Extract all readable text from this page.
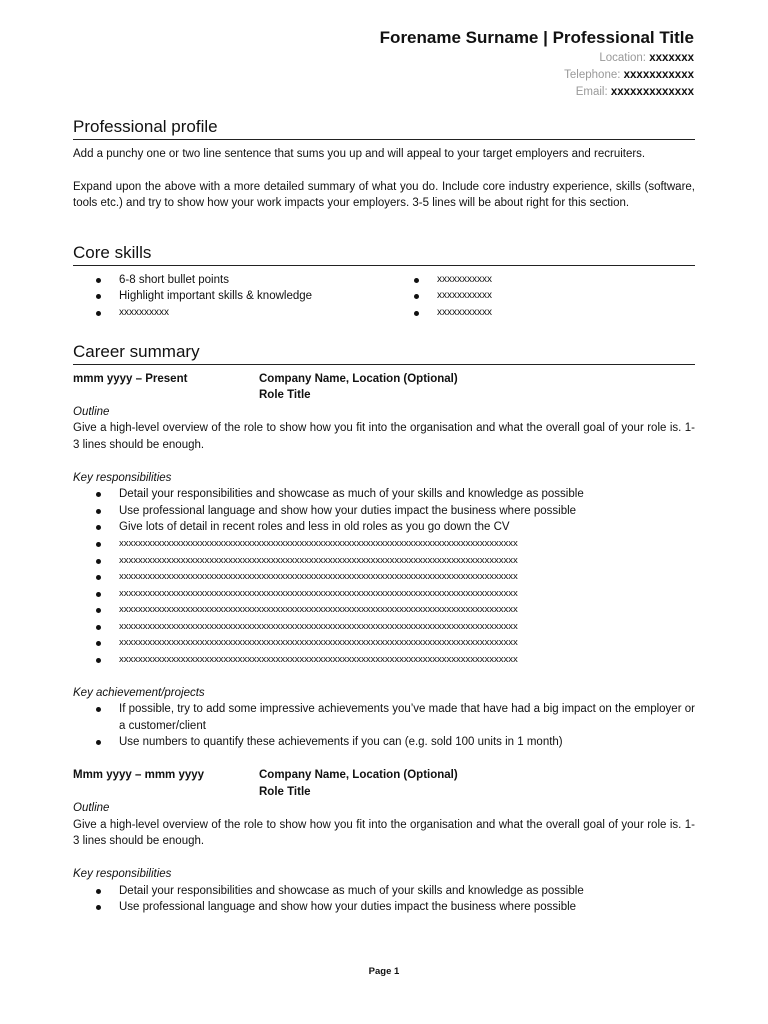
Forename Surname | Professional Title
Location: xxxxxxx
Telephone: xxxxxxxxxxx
Email: xxxxxxxxxxxxx
Professional profile

Add a punchy one or two line sentence that sums you up and will appeal to your target employers and recruiters.

Expand upon the above with a more detailed summary of what you do. Include core industry experience, skills (software, tools etc.) and try to show how your work impacts your employers. 3-5 lines will be about right for this section.

Core skills
6-8 short bullet points
Highlight important skills & knowledge
xxxxxxxxxx
xxxxxxxxxxx
xxxxxxxxxxx
xxxxxxxxxxx
Career summary
mmm yyyy – Present	Company Name, Location (Optional)
Role Title
Outline

Give a high-level overview of the role to show how you fit into the organisation and what the overall goal of your role is. 1-3 lines should be enough.

Key responsibilities
Detail your responsibilities and showcase as much of your skills and knowledge as possible
Use professional language and show how your duties impact the business where possible
Give lots of detail in recent roles and less in old roles as you go down the CV
xxxxxxxxxxxxxxxxxxxxxxxxxxxxxxxxxxxxxxxxxxxxxxxxxxxxxxxxxxxxxxxxxxxxxxxxxxxxxxxxxxxx
xxxxxxxxxxxxxxxxxxxxxxxxxxxxxxxxxxxxxxxxxxxxxxxxxxxxxxxxxxxxxxxxxxxxxxxxxxxxxxxxxxxx
xxxxxxxxxxxxxxxxxxxxxxxxxxxxxxxxxxxxxxxxxxxxxxxxxxxxxxxxxxxxxxxxxxxxxxxxxxxxxxxxxxxx
xxxxxxxxxxxxxxxxxxxxxxxxxxxxxxxxxxxxxxxxxxxxxxxxxxxxxxxxxxxxxxxxxxxxxxxxxxxxxxxxxxxx
xxxxxxxxxxxxxxxxxxxxxxxxxxxxxxxxxxxxxxxxxxxxxxxxxxxxxxxxxxxxxxxxxxxxxxxxxxxxxxxxxxxx
xxxxxxxxxxxxxxxxxxxxxxxxxxxxxxxxxxxxxxxxxxxxxxxxxxxxxxxxxxxxxxxxxxxxxxxxxxxxxxxxxxxx
xxxxxxxxxxxxxxxxxxxxxxxxxxxxxxxxxxxxxxxxxxxxxxxxxxxxxxxxxxxxxxxxxxxxxxxxxxxxxxxxxxxx
xxxxxxxxxxxxxxxxxxxxxxxxxxxxxxxxxxxxxxxxxxxxxxxxxxxxxxxxxxxxxxxxxxxxxxxxxxxxxxxxxxxx
Key achievement/projects
If possible, try to add some impressive achievements you’ve made that have had a big impact on the employer or a customer/client
Use numbers to quantify these achievements if you can (e.g. sold 100 units in 1 month)
Mmm yyyy – mmm yyyy	Company Name, Location (Optional)
Role Title
Outline

Give a high-level overview of the role to show how you fit into the organisation and what the overall goal of your role is. 1-3 lines should be enough.

Key responsibilities
Detail your responsibilities and showcase as much of your skills and knowledge as possible
Use professional language and show how your duties impact the business where possible
Page 1
